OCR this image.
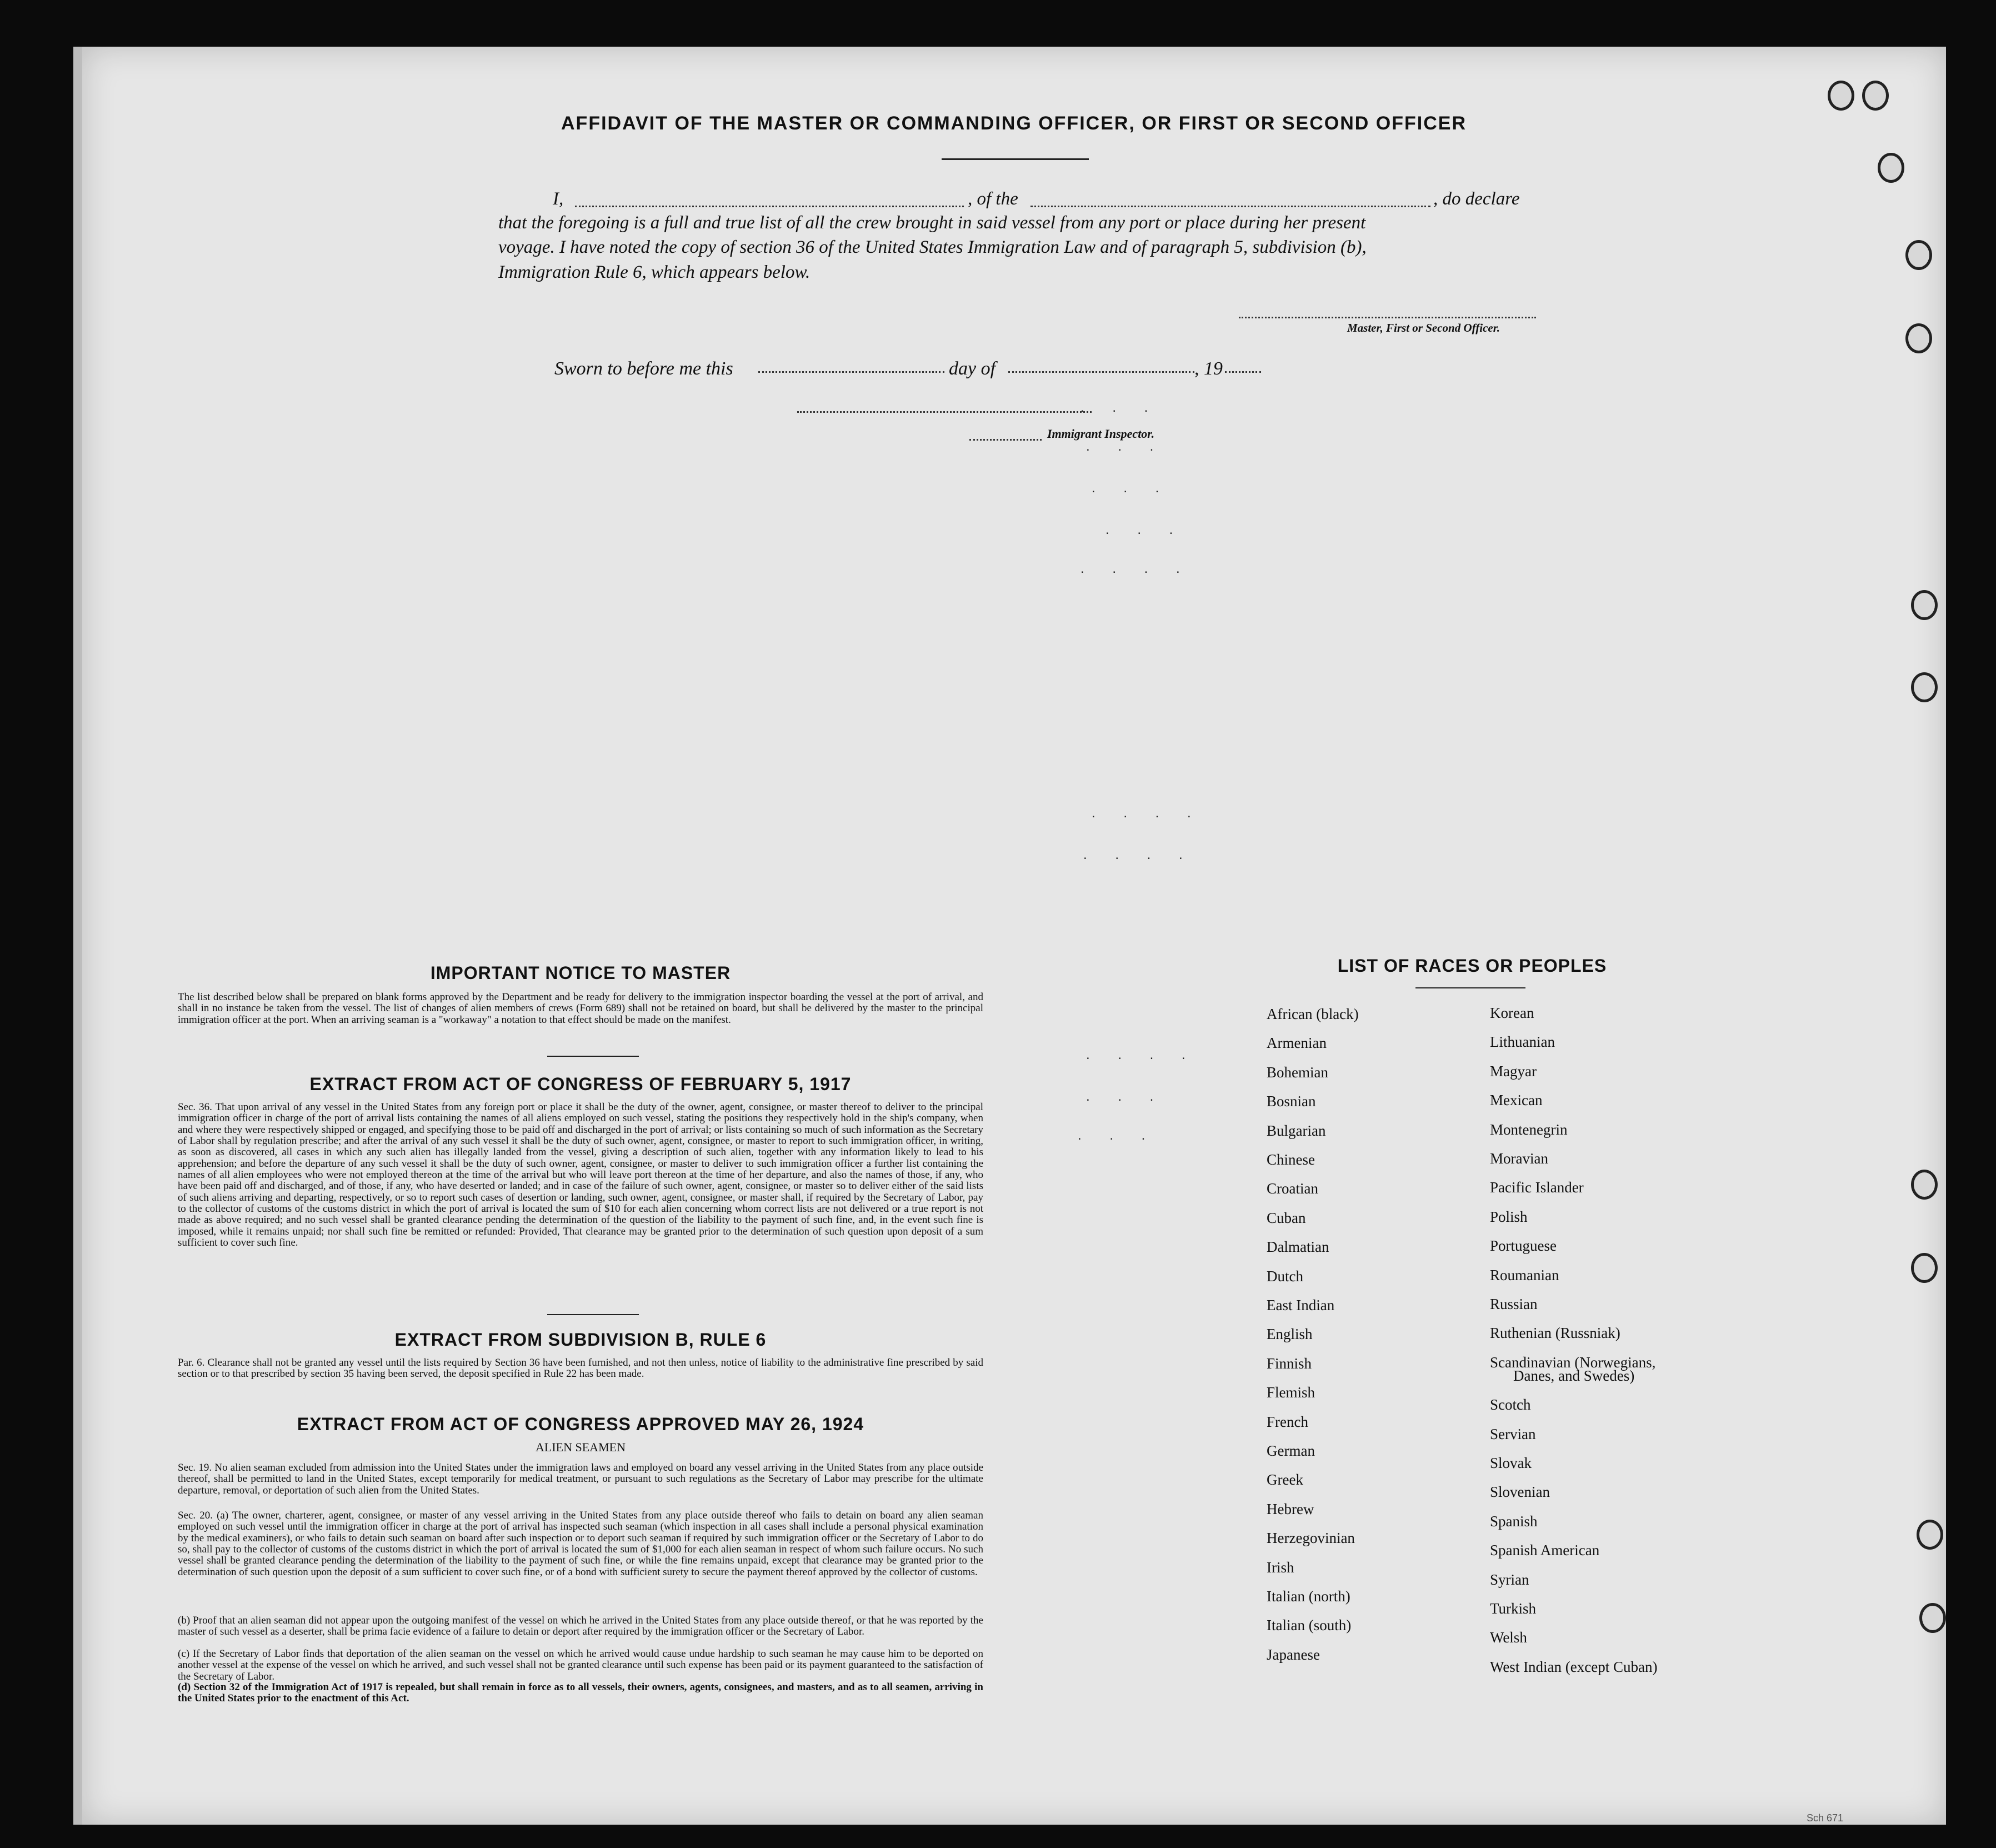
. . .
. . .
. . .
. . .
. . . .
. . . .
. . . .
. . . .
. . .
. . .
AFFIDAVIT OF THE MASTER OR COMMANDING OFFICER, OR FIRST OR SECOND OFFICER
I,	, of the	, do declare
that the foregoing is a full and true list of all the crew brought in said vessel from any port or place during her present
voyage. I have noted the copy of section 36 of the United States Immigration Law and of paragraph 5, subdivision (b),
Immigration Rule 6, which appears below.
Master, First or Second Officer.
Sworn to before me this	day of	, 19
Immigrant Inspector.
IMPORTANT NOTICE TO MASTER
The list described below shall be prepared on blank forms approved by the Department and be ready for delivery to the immigration inspector boarding the vessel at the port of arrival, and shall in no instance be taken from the vessel. The list of changes of alien members of crews (Form 689) shall not be retained on board, but shall be delivered by the master to the principal immigration officer at the port. When an arriving seaman is a "workaway" a notation to that effect should be made on the manifest.
EXTRACT FROM ACT OF CONGRESS OF FEBRUARY 5, 1917
Sec. 36. That upon arrival of any vessel in the United States from any foreign port or place it shall be the duty of the owner, agent, consignee, or master thereof to deliver to the principal immigration officer in charge of the port of arrival lists containing the names of all aliens employed on such vessel, stating the positions they respectively hold in the ship's company, when and where they were respectively shipped or engaged, and specifying those to be paid off and discharged in the port of arrival; or lists containing so much of such information as the Secretary of Labor shall by regulation prescribe; and after the arrival of any such vessel it shall be the duty of such owner, agent, consignee, or master to report to such immigration officer, in writing, as soon as discovered, all cases in which any such alien has illegally landed from the vessel, giving a description of such alien, together with any information likely to lead to his apprehension; and before the departure of any such vessel it shall be the duty of such owner, agent, consignee, or master to deliver to such immigration officer a further list containing the names of all alien employees who were not employed thereon at the time of the arrival but who will leave port thereon at the time of her departure, and also the names of those, if any, who have been paid off and discharged, and of those, if any, who have deserted or landed; and in case of the failure of such owner, agent, consignee, or master so to deliver either of the said lists of such aliens arriving and departing, respectively, or so to report such cases of desertion or landing, such owner, agent, consignee, or master shall, if required by the Secretary of Labor, pay to the collector of customs of the customs district in which the port of arrival is located the sum of $10 for each alien concerning whom correct lists are not delivered or a true report is not made as above required; and no such vessel shall be granted clearance pending the determination of the question of the liability to the payment of such fine, and, in the event such fine is imposed, while it remains unpaid; nor shall such fine be remitted or refunded: Provided, That clearance may be granted prior to the determination of such question upon deposit of a sum sufficient to cover such fine.
EXTRACT FROM SUBDIVISION B, RULE 6
Par. 6. Clearance shall not be granted any vessel until the lists required by Section 36 have been furnished, and not then unless, notice of liability to the administrative fine prescribed by said section or to that prescribed by section 35 having been served, the deposit specified in Rule 22 has been made.
EXTRACT FROM ACT OF CONGRESS APPROVED MAY 26, 1924
ALIEN SEAMEN
Sec. 19. No alien seaman excluded from admission into the United States under the immigration laws and employed on board any vessel arriving in the United States from any place outside thereof, shall be permitted to land in the United States, except temporarily for medical treatment, or pursuant to such regulations as the Secretary of Labor may prescribe for the ultimate departure, removal, or deportation of such alien from the United States.
Sec. 20. (a) The owner, charterer, agent, consignee, or master of any vessel arriving in the United States from any place outside thereof who fails to detain on board any alien seaman employed on such vessel until the immigration officer in charge at the port of arrival has inspected such seaman (which inspection in all cases shall include a personal physical examination by the medical examiners), or who fails to detain such seaman on board after such inspection or to deport such seaman if required by such immigration officer or the Secretary of Labor to do so, shall pay to the collector of customs of the customs district in which the port of arrival is located the sum of $1,000 for each alien seaman in respect of whom such failure occurs. No such vessel shall be granted clearance pending the determination of the liability to the payment of such fine, or while the fine remains unpaid, except that clearance may be granted prior to the determination of such question upon the deposit of a sum sufficient to cover such fine, or of a bond with sufficient surety to secure the payment thereof approved by the collector of customs.
(b) Proof that an alien seaman did not appear upon the outgoing manifest of the vessel on which he arrived in the United States from any place outside thereof, or that he was reported by the master of such vessel as a deserter, shall be prima facie evidence of a failure to detain or deport after required by the immigration officer or the Secretary of Labor.
(c) If the Secretary of Labor finds that deportation of the alien seaman on the vessel on which he arrived would cause undue hardship to such seaman he may cause him to be deported on another vessel at the expense of the vessel on which he arrived, and such vessel shall not be granted clearance until such expense has been paid or its payment guaranteed to the satisfaction of the Secretary of Labor.
(d) Section 32 of the Immigration Act of 1917 is repealed, but shall remain in force as to all vessels, their owners, agents, consignees, and masters, and as to all seamen, arriving in the United States prior to the enactment of this Act.
LIST OF RACES OR PEOPLES
African (black)
Armenian
Bohemian
Bosnian
Bulgarian
Chinese
Croatian
Cuban
Dalmatian
Dutch
East Indian
English
Finnish
Flemish
French
German
Greek
Hebrew
Herzegovinian
Irish
Italian (north)
Italian (south)
Japanese
Korean
Lithuanian
Magyar
Mexican
Montenegrin
Moravian
Pacific Islander
Polish
Portuguese
Roumanian
Russian
Ruthenian (Russniak)
Scandinavian (Norwegians,
Danes, and Swedes)
Scotch
Servian
Slovak
Slovenian
Spanish
Spanish American
Syrian
Turkish
Welsh
West Indian (except Cuban)
Sch 671
